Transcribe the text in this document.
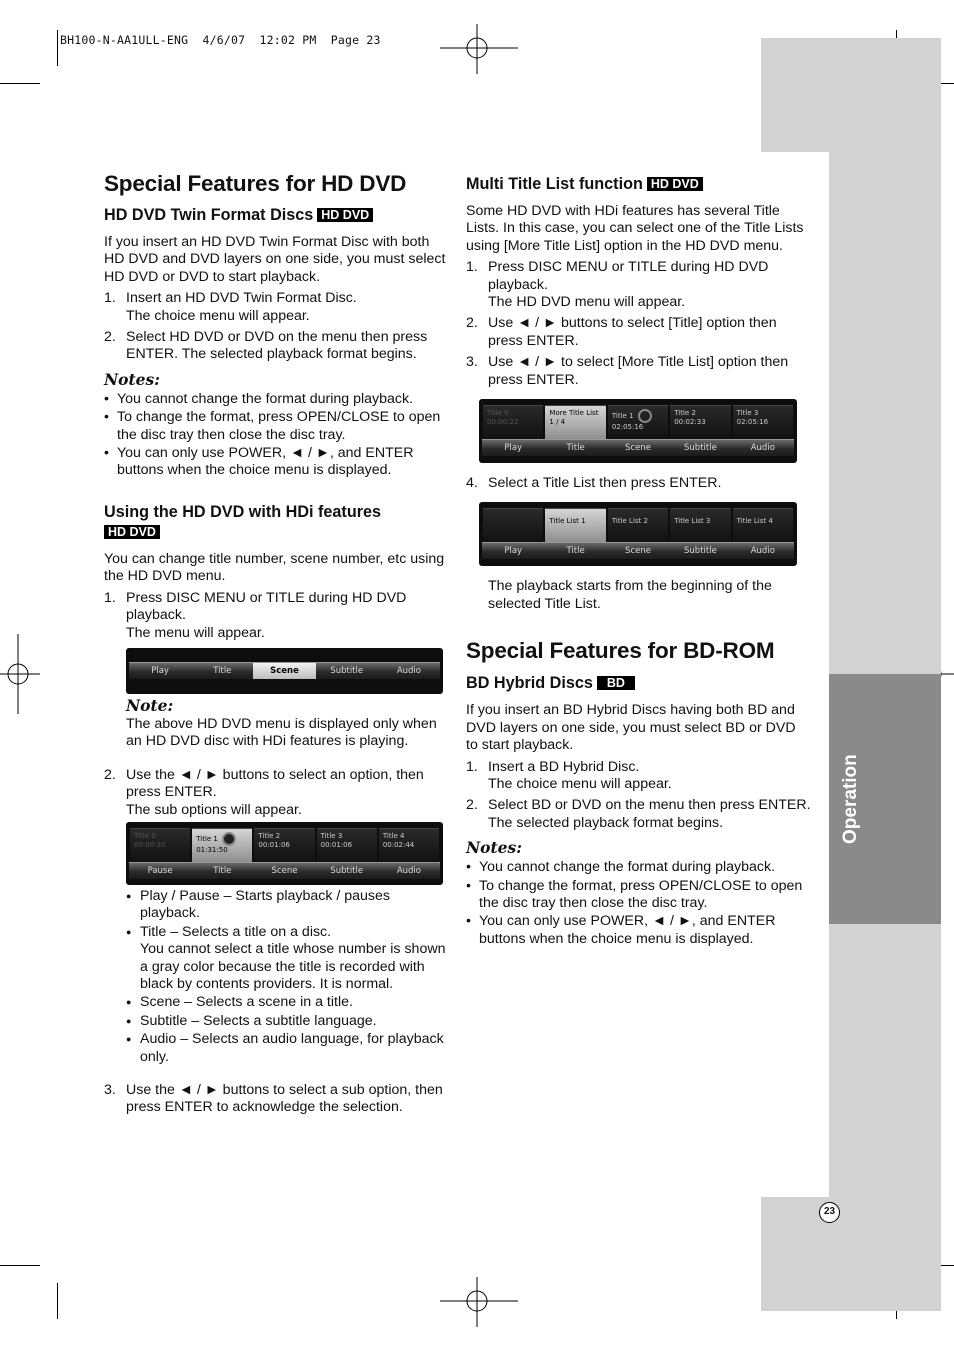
BH100-N-AA1ULL-ENG  4/6/07  12:02 PM  Page 23
Operation
23
Special Features for HD DVD
HD DVD Twin Format Discs HD DVD

If you insert an HD DVD Twin Format Disc with both HD DVD and DVD layers on one side, you must select HD DVD or DVD to start playback.

1. Insert an HD DVD Twin Format Disc.
The choice menu will appear.
2. Select HD DVD or DVD on the menu then press ENTER. The selected playback format begins.
Notes:
• You cannot change the format during playback.
• To change the format, press OPEN/CLOSE to open the disc tray then close the disc tray.
• You can only use POWER, ◄ / ►, and ENTER buttons when the choice menu is displayed.
Using the HD DVD with HDi features
HD DVD

You can change title number, scene number, etc using the HD DVD menu.

1. Press DISC MENU or TITLE during HD DVD playback.
The menu will appear.
Play	Title	Scene	Subtitle	Audio
Note:

The above HD DVD menu is displayed only when an HD DVD disc with HDi features is playing.

2. Use the ◄ / ► buttons to select an option, then press ENTER.
The sub options will appear.
Title 0
00:00:30
Title 1
01:31:50
Title 2
00:01:06
Title 3
00:01:06
Title 4
00:02:44
Pause	Title	Scene	Subtitle	Audio
● Play / Pause – Starts playback / pauses playback.
● Title – Selects a title on a disc.
You cannot select a title whose number is shown a gray color because the title is recorded with black by contents providers. It is normal.
● Scene – Selects a scene in a title.
● Subtitle – Selects a subtitle language.
● Audio – Selects an audio language, for playback only.
3. Use the ◄ / ► buttons to select a sub option, then press ENTER to acknowledge the selection.
Multi Title List function HD DVD

Some HD DVD with HDi features has several Title Lists. In this case, you can select one of the Title Lists using [More Title List] option in the HD DVD menu.

1. Press DISC MENU or TITLE during HD DVD playback.
The HD DVD menu will appear.
2. Use ◄ / ► buttons to select [Title] option then press ENTER.
3. Use ◄ / ► to select [More Title List] option then press ENTER.
Title 0
00:00:22
More Title List
1 / 4
Title 1
02:05:16
Title 2
00:02:33
Title 3
02:05:16
Play	Title	Scene	Subtitle	Audio
4. Select a Title List then press ENTER.
Title List 1	Title List 2	Title List 3	Title List 4
Play	Title	Scene	Subtitle	Audio

The playback starts from the beginning of the selected Title List.

Special Features for BD-ROM
BD Hybrid Discs BD

If you insert an BD Hybrid Discs having both BD and DVD layers on one side, you must select BD or DVD to start playback.

1. Insert a BD Hybrid Disc.
The choice menu will appear.
2. Select BD or DVD on the menu then press ENTER. The selected playback format begins.
Notes:
• You cannot change the format during playback.
• To change the format, press OPEN/CLOSE to open the disc tray then close the disc tray.
• You can only use POWER, ◄ / ►, and ENTER buttons when the choice menu is displayed.
